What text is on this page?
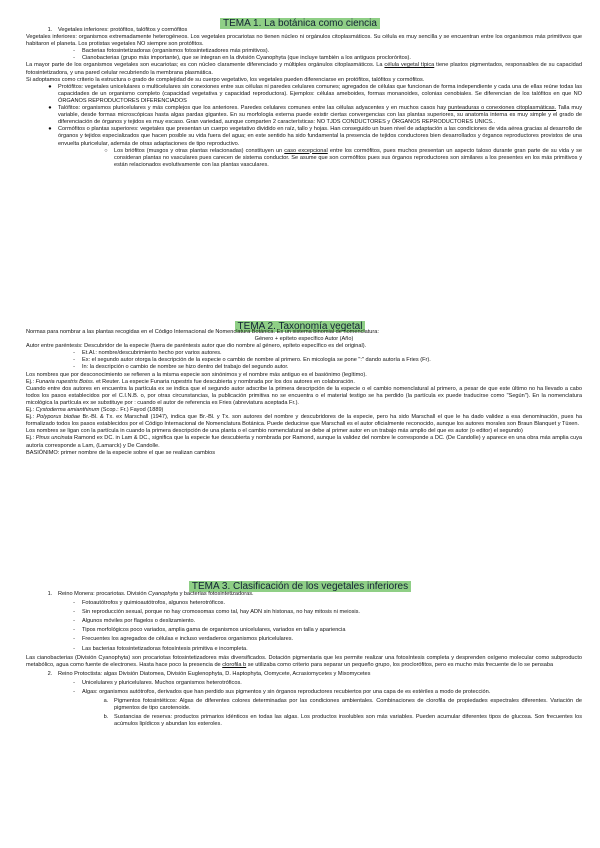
TEMA 1. La botánica como ciencia
1.	Vegetales inferiores: protófitos, talófitos y cormófitos

Vegetales inferiores: organismos extremadamente heterogéneos. Los vegetales procariotas no tienen núcleo ni orgánulos citoplasmáticos. Su célula es muy sencilla y se encuentran entre los organismos más primitivos que habitaron el planeta. Los protistas vegetales NO siempre son protófitos.

-	Bacterias fotosintetizadoras (organismos fotosintetizadores más primitivos).
-	Cianobacterias (grupo más importante), que se integran en la división Cyanophyta (que incluye también a los antiguos procloróritos).

La mayor parte de los organismos vegetales son eucariotas; es con núcleo claramente diferenciado y múltiples orgánulos citoplasmáticos. La célula vegetal típica tiene plastos pigmentados, responsables de su capacidad fotosintetizadora, y una pared celular recubriendo la membrana plasmática.

Si adoptamos como criterio la estructura o grado de complejidad de su cuerpo vegetativo, los vegetales pueden diferenciarse en protófitos, talófitos y cormófitos.

●	Protófitos: vegetales unicelulares o multicelulares sin conexiones entre sus células ni paredes celulares comunes; agregados de células que funcionan de forma independiente y cada una de ellas reúne todas las capacidades de un organismo completo (capacidad vegetativa y capacidad reproductora). Ejemplos: células ameboides, formas monanoides, colonias cenobiales. Se diferencian de los talófitos en que NO ÓRGANOS REPRODUCTORES DIFERENCIADOS
●	Talófitos: organismos pluricelulares y más complejos que los anteriores. Paredes celulares comunes entre las células adyacentes y en muchos casos hay punteaduras o conexiones citoplasmáticas. Talla muy variable, desde formas microscópicas hasta algas pardas gigantes. En su morfología externa puede existir ciertas convergencias con las plantas superiores, su anatomía interna es muy simple y el grado de diferenciación de órganos y tejidos es muy escaso. Gran variedad, aunque comparten 2 características: NO TJDS CONDUCTORES y ÓRGANOS REPRODUCTORES UNICS..
●	Cormófitos o plantas superiores: vegetales que presentan un cuerpo vegetativo dividido en raíz, tallo y hojas. Han conseguido un buen nivel de adaptación a las condiciones de vida aérea gracias al desarrollo de órganos y tejidos especializados que hacen posible su vida fuera del agua; en este sentido ha sido fundamental la presencia de tejidos conductores bien desarrollados y órganos reproductores provistos de una envuelta pluricelular, además de otras adaptaciones de tipo reproductivo.
○	Los briófitos (musgos y otras plantas relacionadas) constituyen un caso excepcional entre los cormófitos, pues muchos presentan un aspecto taloso durante gran parte de su vida y se consideran plantas no vasculares pues carecen de sistema conductor. Se asume que son cormófitos pues sus órganos reproductores son similares a los presentes en los más primitivos y están relacionados evolutivamente con las plantas vasculares.
TEMA 2. Taxonomía vegetal

Normas para nombrar a las plantas recogidas en el Código Internacional de Nomenclatura Botánica. Es un sistema binomial de nomenclatura:

Género + epíteto específico Autor (Año)

Autor entre paréntesis: Descubridor de la especie (fuera de paréntesis autor que dio nombre al género, epíteto específico es del original).

-	Et.Al.: nombre/descubrimiento hecho por varios autores.
-	Ex: el segundo autor otorga la descripción de la especie o cambio de nombre al primero. En micología se pone ":" dando autoría a Fries (Fr).
-	In: la descripción o cambio de nombre se hizo dentro del trabajo del segundo autor.

Los nombres que por desconocimiento se refieren a la misma especie son sinónimos y el nombre más antiguo es el basiónimo (legítimo).

Ej.: Funaria rupestris Boiss. et Reuter. La especie Funaria rupestris fue descubierta y nombrada por los dos autores en colaboración.

Cuando entre dos autores en encuentra la partícula ex se indica que el segundo autor adscribe la primera descripción de la especie o el cambio nomenclatural al primero, a pesar de que este último no ha llevado a cabo todos los pasos establecidos por el C.I.N.B. o, por otras circunstancias, la publicación primitiva no se encuentra o el material testigo se ha perdido (la partícula ex puede traducirse como "Según"). En la nomenclatura micológica la partícula ex se substituye por : cuando el autor de referencia es Fries (abreviatura aceptada Fr.).

Ej.: Cystoderma amianthinum (Scop.: Fr.) Fayod (1889)

Ej.: Polyporus biotiae Br.-Bl. & Tx. ex Marschall (1947), indica que Br.-Bl. y Tx. son autores del nombre y descubridores de la especie, pero ha sido Marschall el que le ha dado validez a esa denominación, pues ha formalizado todos los pasos establecidos por el Código Internacional de Nomenclatura Botánica. Puede deducirse que Marschall es el autor oficialmente reconocido, aunque los autores morales son Braun Blanquet y Tüxen.

Los nombres se ligan con la partícula in cuando la primera descripción de una planta o el cambio nomenclatural se debe al primer autor en un trabajo más amplio del que es autor (o editor) el segundo)

Ej.: Pinus uncinata Ramond ex DC. in Lam & DC., significa que la especie fue descubierta y nombrada por Ramond, aunque la validez del nombre le corresponde a DC. (De Candolle) y aparece en una obra más amplia cuya autoría corresponde a Lam, (Lamarck) y De Candolle.

BASIÓNIMO: primer nombre de la especie sobre el que se realizan cambios

TEMA 3. Clasificación de los vegetales inferiores
1.	Reino Monera: procariotas. División Cyanophyta y bacterias fotosintetizadoras.
-	Fotoautótrofos y quimioautótrofos, algunos heterotróficos.
-	Sin reproducción sexual, porque no hay cromosomas como tal, hay ADN sin histonas, no hay mitosis ni meiosis.
-	Algunos móviles por flagelos o deslizamiento.
-	Tipos morfológicos poco variados, amplia gama de organismos unicelulares, variados en talla y apariencia
-	Frecuentes los agregados de células e incluso verdaderos organismos pluricelulares.
-	Las bacterias fotosintetizadoras fotosíntesis primitiva e incompleta.

Las cianobacterias (División Cyanophyta) son procariotas fotosintetizadores más diversificados. Dotación pigmentaria que les permite realizar una fotosíntesis completa y desprenden oxígeno molecular como subproducto metabólico, agua como fuente de electrones. Hasta hace poco la presencia de clorofila b se utilizaba como criterio para separar un pequeño grupo, los proclorófitos, pero es mucho más frecuente de lo se pensaba

2.	Reino Protoctista: algas División Diatomea, División Euglenophyta, D. Haptophyta, Oomycete, Acrasiomycetes y Mixomycetes
-	Unicelulares y pluricelulares. Muchos organismos heterotróficos.
-	Algas: organismos autótrofos, derivados que han perdido sus pigmentos y sin órganos reproductores recubiertos por una capa de es estériles a modo de protección.
a.	Pigmentos fotosintéticos: Algas de diferentes colores determinadas por las condiciones ambientales. Combinaciones de clorofila de propiedades espectrales diferentes. Variación de pigmentos de tipo carotenoide.
b.	Sustancias de reserva: productos primarios idénticos en todas las algas. Los productos insolubles son más variables. Pueden acumular diferentes tipos de glucosa. Son frecuentes los acúmulos lipídicos y abundan los esteroles.
